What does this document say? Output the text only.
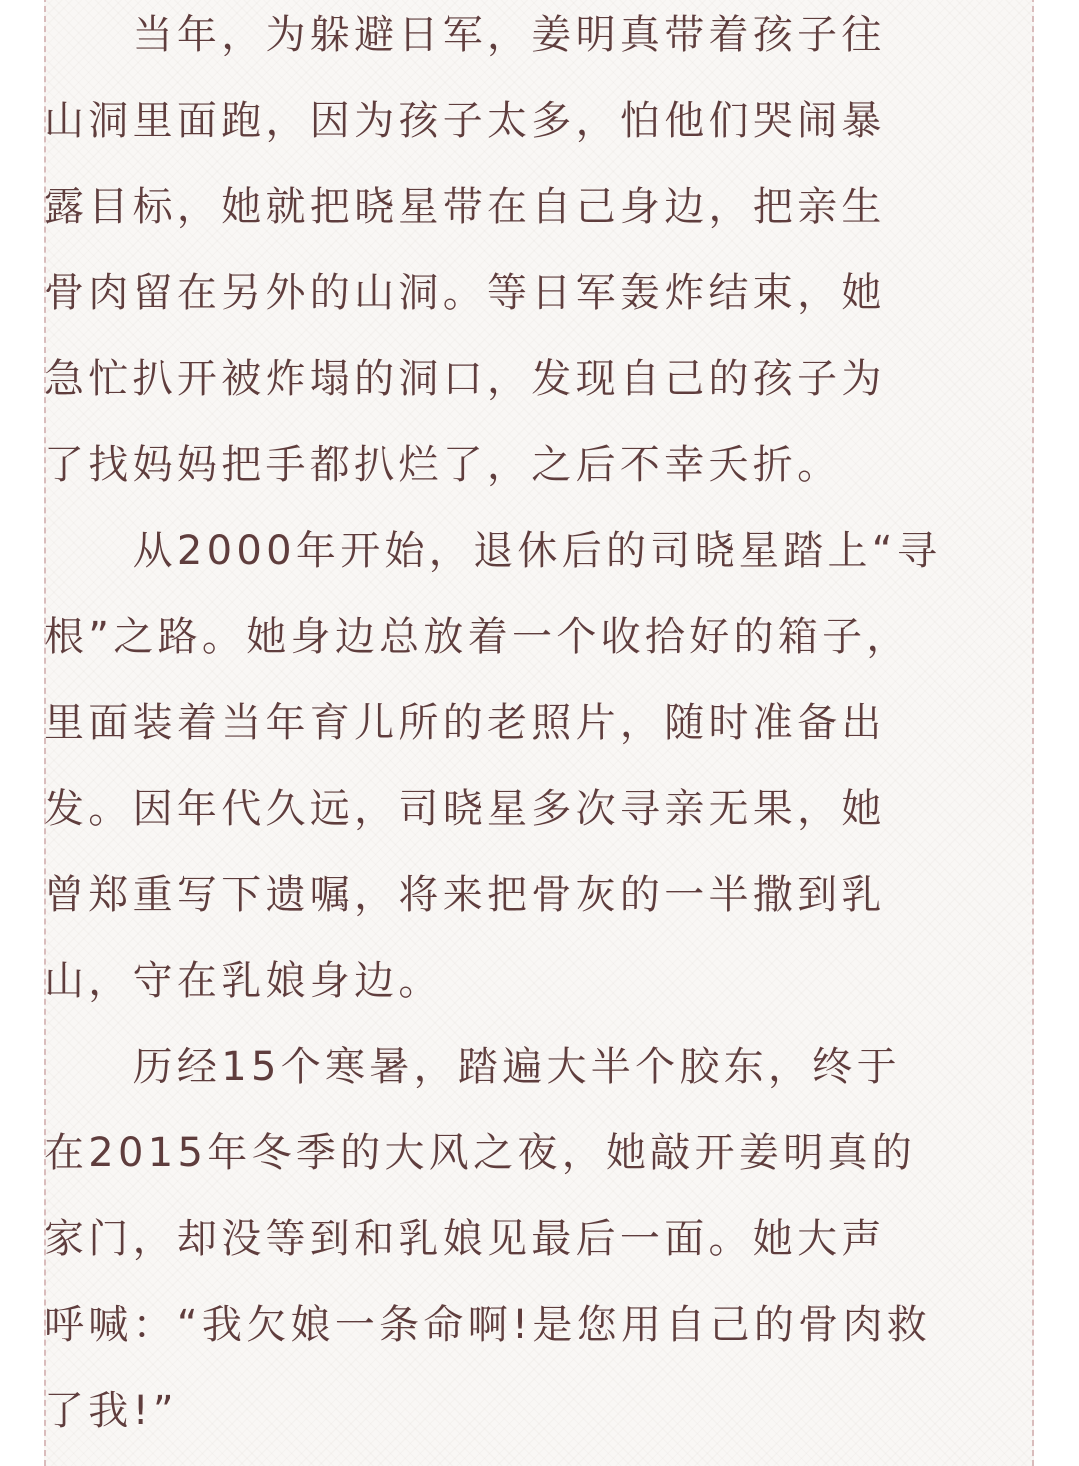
　　当年，为躲避日军，姜明真带着孩子往
山洞里面跑，因为孩子太多，怕他们哭闹暴
露目标，她就把晓星带在自己身边，把亲生
骨肉留在另外的山洞。等日军轰炸结束，她
急忙扒开被炸塌的洞口，发现自己的孩子为
了找妈妈把手都扒烂了，之后不幸夭折。
　　从2000年开始，退休后的司晓星踏上“寻
根”之路。她身边总放着一个收拾好的箱子，
里面装着当年育儿所的老照片，随时准备出
发。因年代久远，司晓星多次寻亲无果，她
曾郑重写下遗嘱，将来把骨灰的一半撒到乳
山，守在乳娘身边。
　　历经15个寒暑，踏遍大半个胶东，终于
在2015年冬季的大风之夜，她敲开姜明真的
家门，却没等到和乳娘见最后一面。她大声
呼喊：“我欠娘一条命啊!是您用自己的骨肉救
了我!”
